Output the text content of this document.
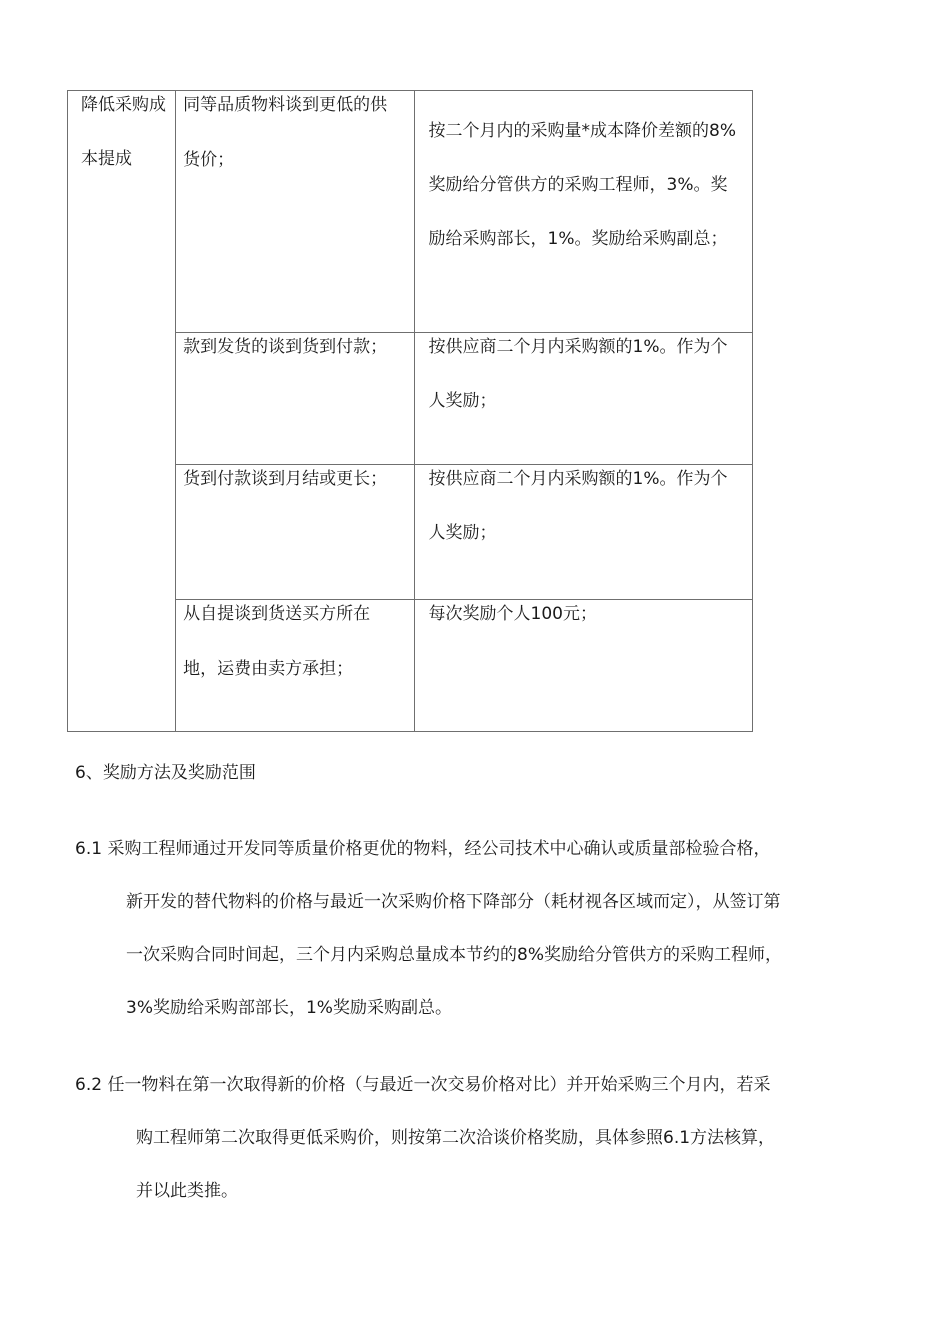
降低采购成本提成	同等品质物料谈到更低的供货价；	按二个月内的采购量*成本降价差额的8%奖励给分管供方的采购工程师，3%。奖励给采购部长，1%。奖励给采购副总；

	款到发货的谈到货到付款；	按供应商二个月内采购额的1%。作为个人奖励；

	货到付款谈到月结或更长；	按供应商二个月内采购额的1%。作为个人奖励；

	从自提谈到货送买方所在地，运费由卖方承担；	每次奖励个人100元；
6、奖励方法及奖励范围
6.1 采购工程师通过开发同等质量价格更优的物料，经公司技术中心确认或质量部检验合格，
新开发的替代物料的价格与最近一次采购价格下降部分（耗材视各区域而定），从签订第
一次采购合同时间起，三个月内采购总量成本节约的8%奖励给分管供方的采购工程师，
3%奖励给采购部部长，1%奖励采购副总。
6.2 任一物料在第一次取得新的价格（与最近一次交易价格对比）并开始采购三个月内，若采
购工程师第二次取得更低采购价，则按第二次洽谈价格奖励，具体参照6.1方法核算，
并以此类推。
